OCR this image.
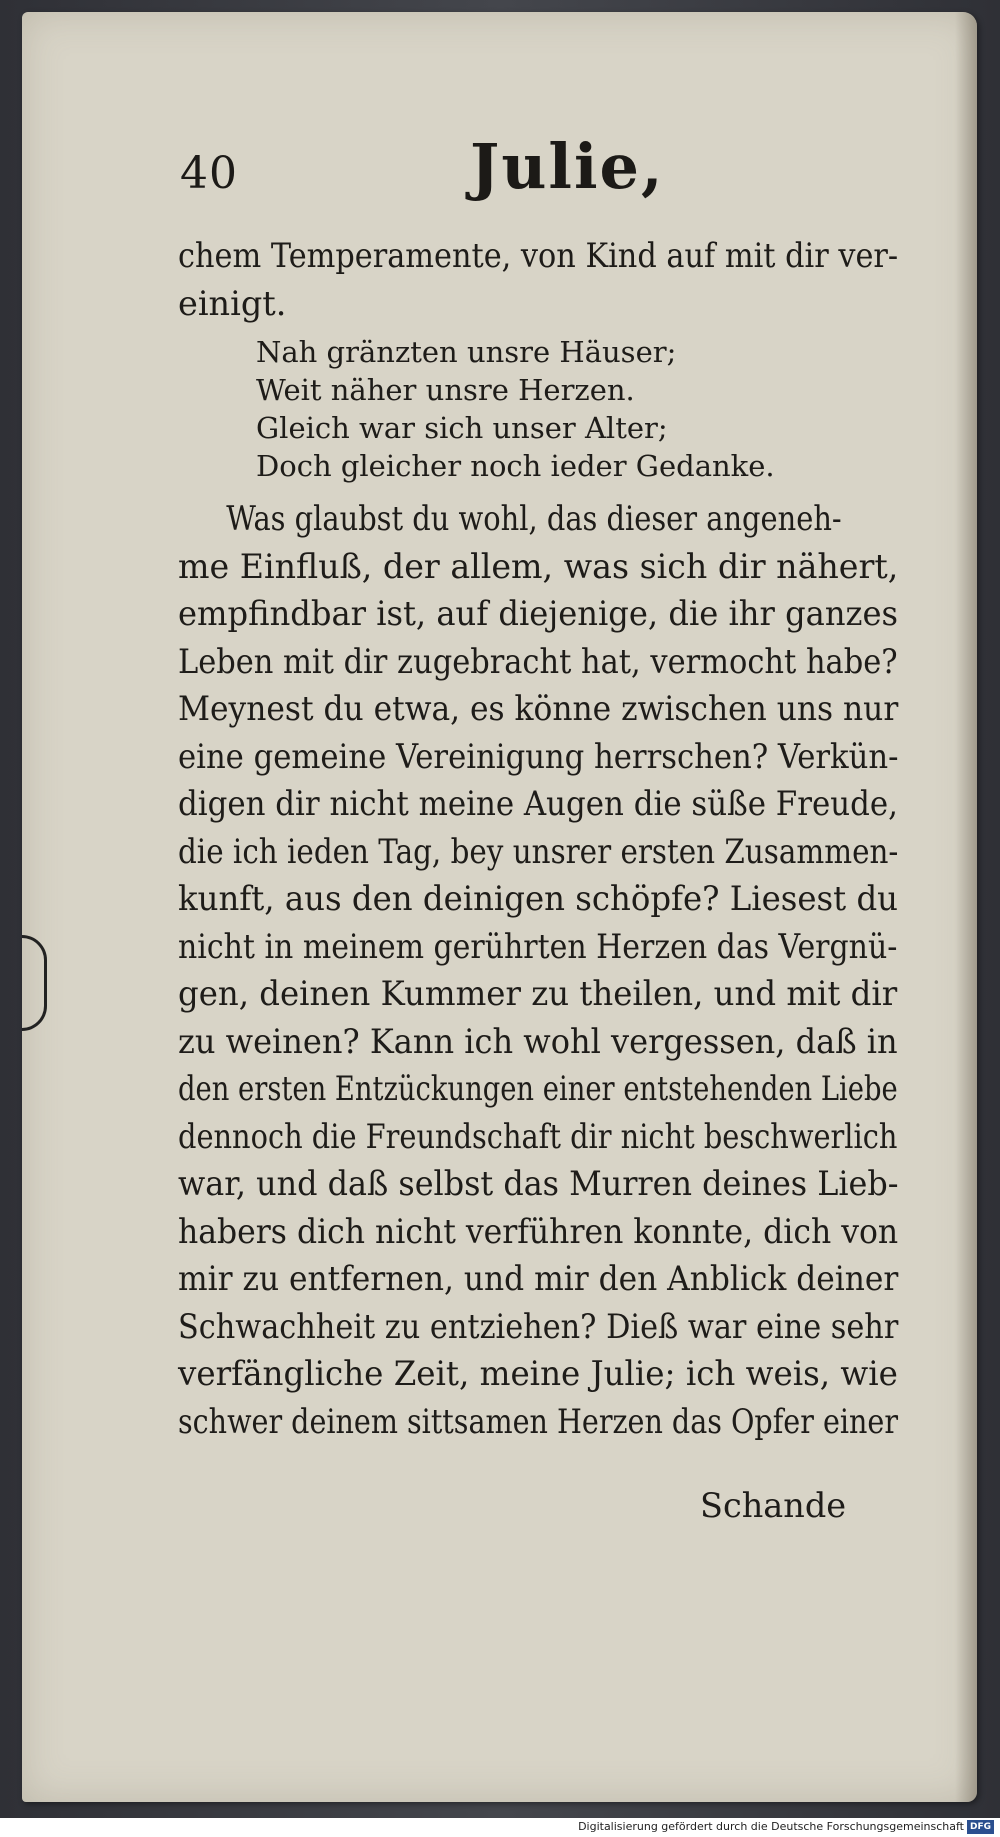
40	Julie,
chem Temperamente, von Kind auf mit dir ver-
einigt.
Nah gränzten unsre Häuser;
Weit näher unsre Herzen.
Gleich war sich unser Alter;
Doch gleicher noch ieder Gedanke.
Was glaubst du wohl, das dieser angeneh-
me Einfluß, der allem, was sich dir nähert,
empfindbar ist, auf diejenige, die ihr ganzes
Leben mit dir zugebracht hat, vermocht habe?
Meynest du etwa, es könne zwischen uns nur
eine gemeine Vereinigung herrschen? Verkün-
digen dir nicht meine Augen die süße Freude,
die ich ieden Tag, bey unsrer ersten Zusammen-
kunft, aus den deinigen schöpfe? Liesest du
nicht in meinem gerührten Herzen das Vergnü-
gen, deinen Kummer zu theilen, und mit dir
zu weinen? Kann ich wohl vergessen, daß in
den ersten Entzückungen einer entstehenden Liebe
dennoch die Freundschaft dir nicht beschwerlich
war, und daß selbst das Murren deines Lieb-
habers dich nicht verführen konnte, dich von
mir zu entfernen, und mir den Anblick deiner
Schwachheit zu entziehen? Dieß war eine sehr
verfängliche Zeit, meine Julie; ich weis, wie
schwer deinem sittsamen Herzen das Opfer einer
Schande
Digitalisierung gefördert durch die Deutsche Forschungsgemeinschaft DFG
